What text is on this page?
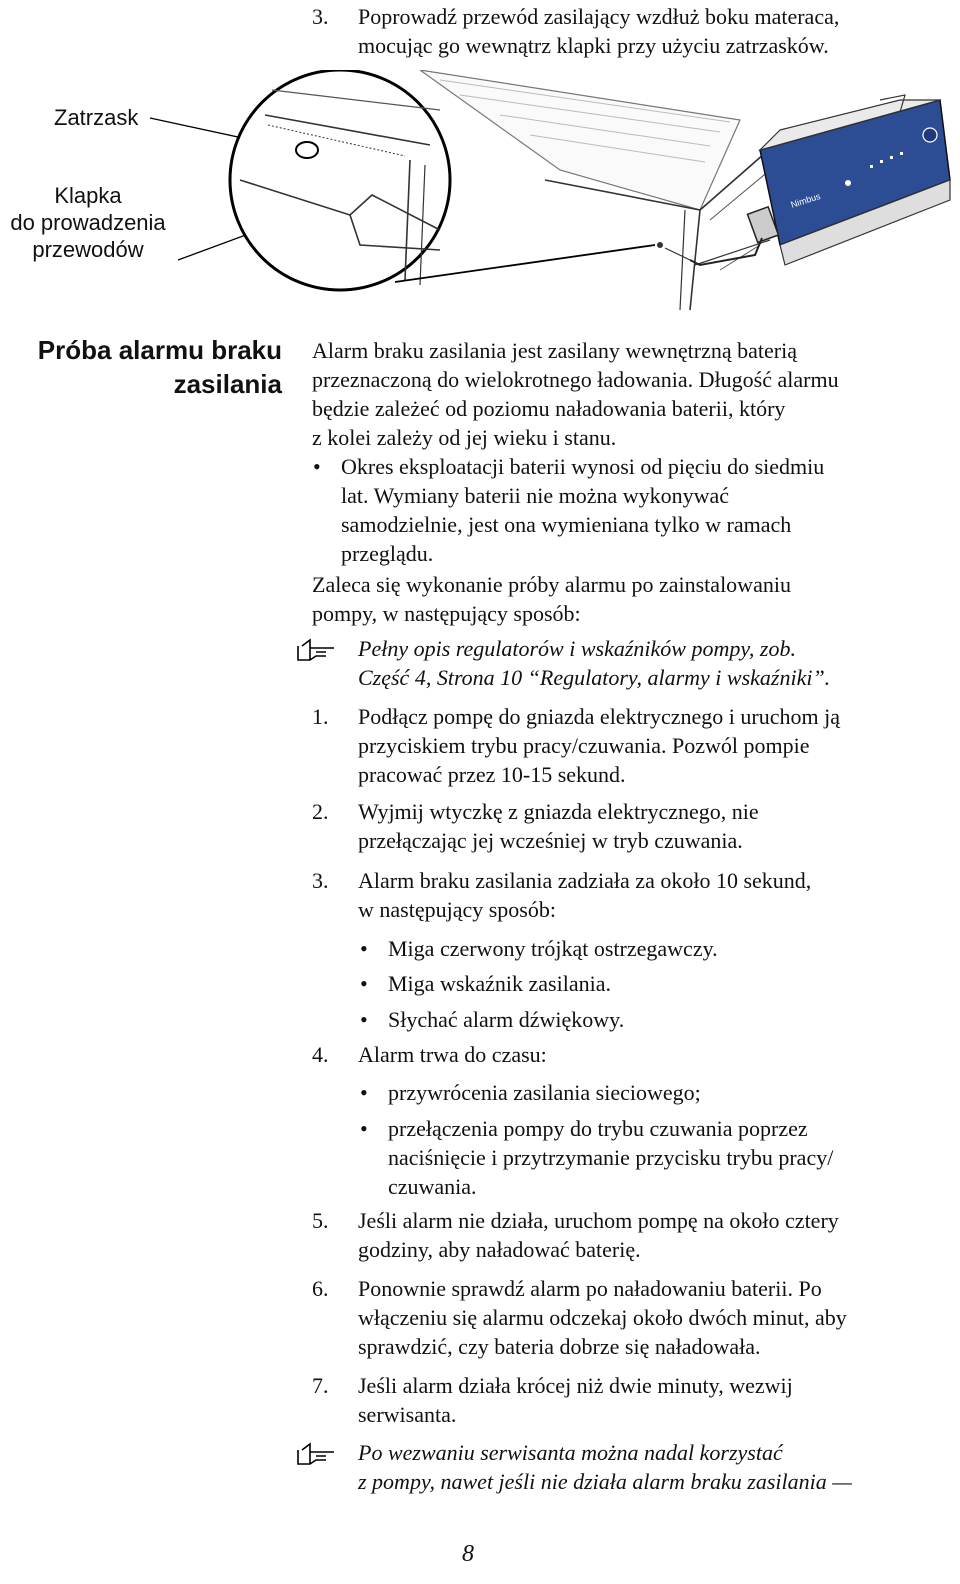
3. Poprowadź przewód zasilający wzdłuż boku materaca,

mocując go wewnątrz klapki przy użyciu zatrzasków.

Zatrzask

Klapka

do prowadzenia

przewodów

Nimbus

Próba alarmu braku

zasilania

Alarm braku zasilania jest zasilany wewnętrzną baterią

przeznaczoną do wielokrotnego ładowania. Długość alarmu

będzie zależeć od poziomu naładowania baterii, który

z kolei zależy od jej wieku i stanu.

• Okres eksploatacji baterii wynosi od pięciu do siedmiu

lat. Wymiany baterii nie można wykonywać

samodzielnie, jest ona wymieniana tylko w ramach

przeglądu.

Zaleca się wykonanie próby alarmu po zainstalowaniu

pompy, w następujący sposób:

Pełny opis regulatorów i wskaźników pompy, zob.

Część 4, Strona 10 “Regulatory, alarmy i wskaźniki”.

1.	Podłącz pompę do gniazda elektrycznego i uruchom ją

przyciskiem trybu pracy/czuwania. Pozwól pompie

pracować przez 10-15 sekund.

2.	Wyjmij wtyczkę z gniazda elektrycznego, nie

przełączając jej wcześniej w tryb czuwania.

3.	Alarm braku zasilania zadziała za około 10 sekund,

w następujący sposób:

• Miga czerwony trójkąt ostrzegawczy.
• Miga wskaźnik zasilania.
• Słychać alarm dźwiękowy.
4.	Alarm trwa do czasu:

• przywrócenia zasilania sieciowego;

• przełączenia pompy do trybu czuwania poprzez

naciśnięcie i przytrzymanie przycisku trybu pracy/

czuwania.

5.	Jeśli alarm nie działa, uruchom pompę na około cztery

godziny, aby naładować baterię.

6.	Ponownie sprawdź alarm po naładowaniu baterii. Po

włączeniu się alarmu odczekaj około dwóch minut, aby

sprawdzić, czy bateria dobrze się naładowała.

7.	Jeśli alarm działa krócej niż dwie minuty, wezwij

serwisanta.

Po wezwaniu serwisanta można nadal korzystać

z pompy, nawet jeśli nie działa alarm braku zasilania —

8
